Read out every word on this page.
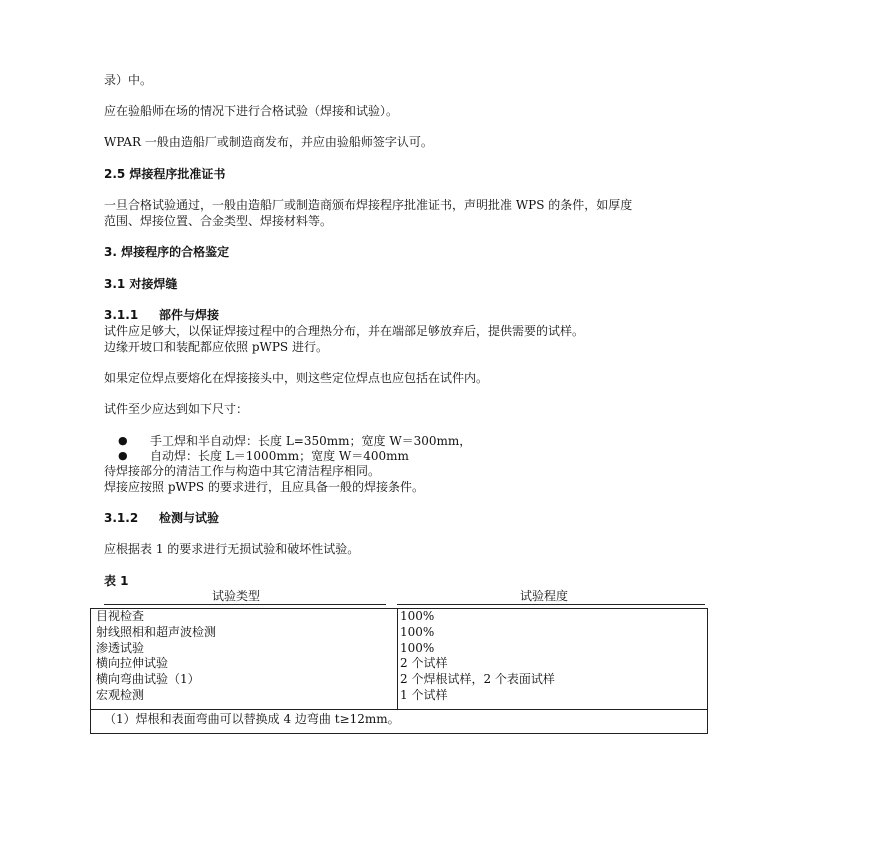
录）中。
应在验船师在场的情况下进行合格试验（焊接和试验）。
WPAR 一般由造船厂或制造商发布，并应由验船师签字认可。
2.5 焊接程序批准证书
一旦合格试验通过，一般由造船厂或制造商颁布焊接程序批准证书，声明批准 WPS 的条件，如厚度
范围、焊接位置、合金类型、焊接材料等。
3. 焊接程序的合格鉴定
3.1 对接焊缝
3.1.1 部件与焊接
试件应足够大，以保证焊接过程中的合理热分布，并在端部足够放弃后，提供需要的试样。
边缘开坡口和装配都应依照 pWPS 进行。
如果定位焊点要熔化在焊接接头中，则这些定位焊点也应包括在试件内。
试件至少应达到如下尺寸：
● 手工焊和半自动焊：长度 L=350mm；宽度 W＝300mm，
● 自动焊：长度 L＝1000mm；宽度 W＝400mm
待焊接部分的清洁工作与构造中其它清洁程序相同。
焊接应按照 pWPS 的要求进行，且应具备一般的焊接条件。
3.1.2 检测与试验
应根据表 1 的要求进行无损试验和破坏性试验。
表 1
试验类型	试验程度
目视检查	100%
射线照相和超声波检测	100%
渗透试验	100%
横向拉伸试验	2 个试样
横向弯曲试验（1）	2 个焊根试样，2 个表面试样
宏观检测	1 个试样
（1）焊根和表面弯曲可以替换成 4 边弯曲 t≥12mm。
